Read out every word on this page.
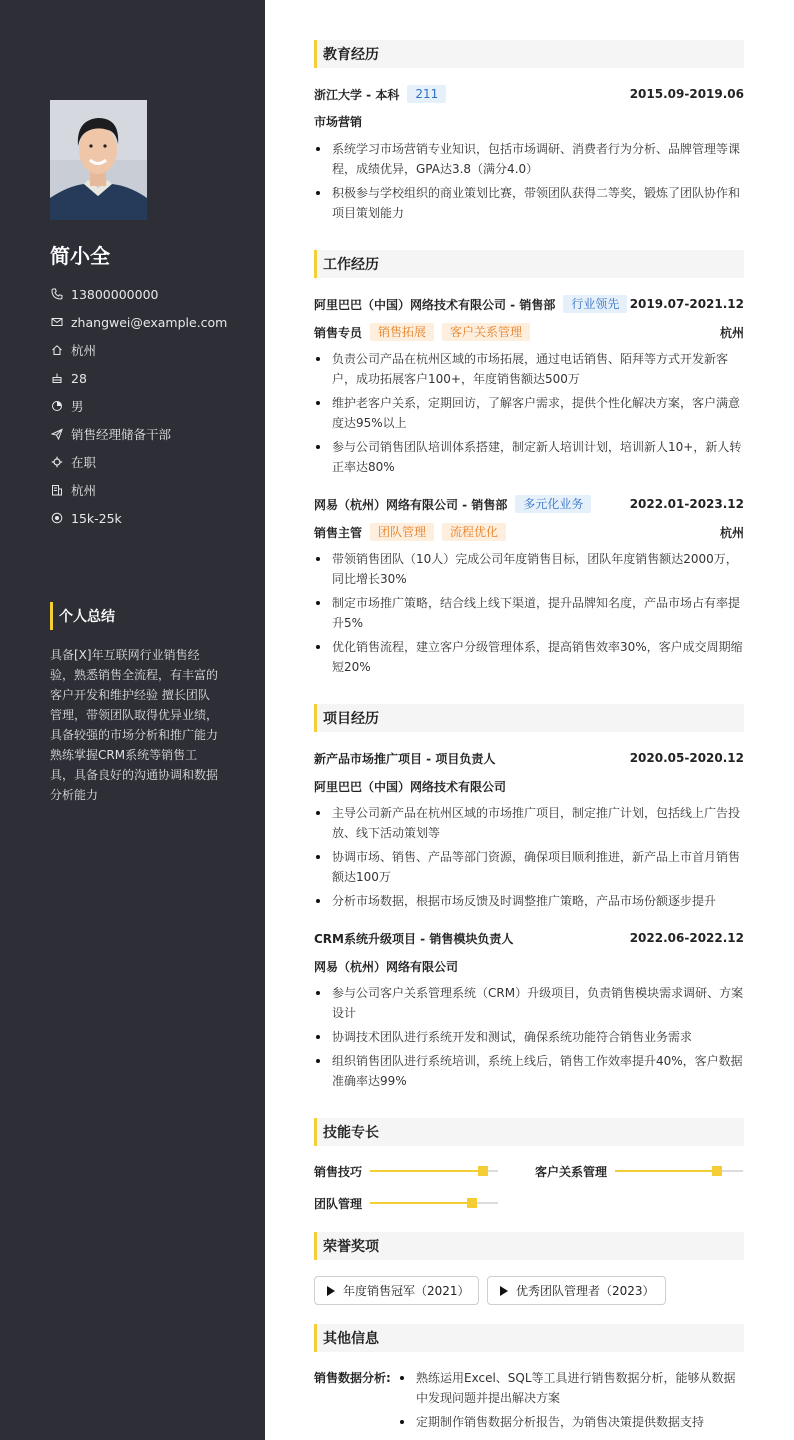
简小全
13800000000
zhangwei@example.com
杭州
28
男
销售经理储备干部
在职
杭州
15k-25k
个人总结
具备[X]年互联网行业销售经验，熟悉销售全流程，有丰富的客户开发和维护经验 擅长团队管理，带领团队取得优异业绩，具备较强的市场分析和推广能力 熟练掌握CRM系统等销售工具，具备良好的沟通协调和数据分析能力
教育经历
浙江大学 - 本科	211	2015.09-2019.06
市场营销
系统学习市场营销专业知识，包括市场调研、消费者行为分析、品牌管理等课程，成绩优异，GPA达3.8（满分4.0）
积极参与学校组织的商业策划比赛，带领团队获得二等奖，锻炼了团队协作和项目策划能力
工作经历
阿里巴巴（中国）网络技术有限公司 - 销售部	行业领先 2019.07-2021.12
销售专员	销售拓展	客户关系管理	杭州
负责公司产品在杭州区域的市场拓展，通过电话销售、陌拜等方式开发新客户，成功拓展客户100+，年度销售额达500万
维护老客户关系，定期回访，了解客户需求，提供个性化解决方案，客户满意度达95%以上
参与公司销售团队培训体系搭建，制定新人培训计划，培训新人10+，新人转正率达80%
网易（杭州）网络有限公司 - 销售部	多元化业务	2022.01-2023.12
销售主管	团队管理	流程优化	杭州
带领销售团队（10人）完成公司年度销售目标，团队年度销售额达2000万，同比增长30%
制定市场推广策略，结合线上线下渠道，提升品牌知名度，产品市场占有率提升5%
优化销售流程，建立客户分级管理体系，提高销售效率30%，客户成交周期缩短20%
项目经历
新产品市场推广项目 - 项目负责人	2020.05-2020.12
阿里巴巴（中国）网络技术有限公司
主导公司新产品在杭州区域的市场推广项目，制定推广计划，包括线上广告投放、线下活动策划等
协调市场、销售、产品等部门资源，确保项目顺利推进，新产品上市首月销售额达100万
分析市场数据，根据市场反馈及时调整推广策略，产品市场份额逐步提升
CRM系统升级项目 - 销售模块负责人	2022.06-2022.12
网易（杭州）网络有限公司
参与公司客户关系管理系统（CRM）升级项目，负责销售模块需求调研、方案设计
协调技术团队进行系统开发和测试，确保系统功能符合销售业务需求
组织销售团队进行系统培训，系统上线后，销售工作效率提升40%，客户数据准确率达99%
技能专长
销售技巧	客户关系管理
团队管理
荣誉奖项
年度销售冠军（2021）	优秀团队管理者（2023）
其他信息
销售数据分析:	熟练运用Excel、SQL等工具进行销售数据分析，能够从数据中发现问题并提出解决方案
定期制作销售数据分析报告，为销售决策提供数据支持
